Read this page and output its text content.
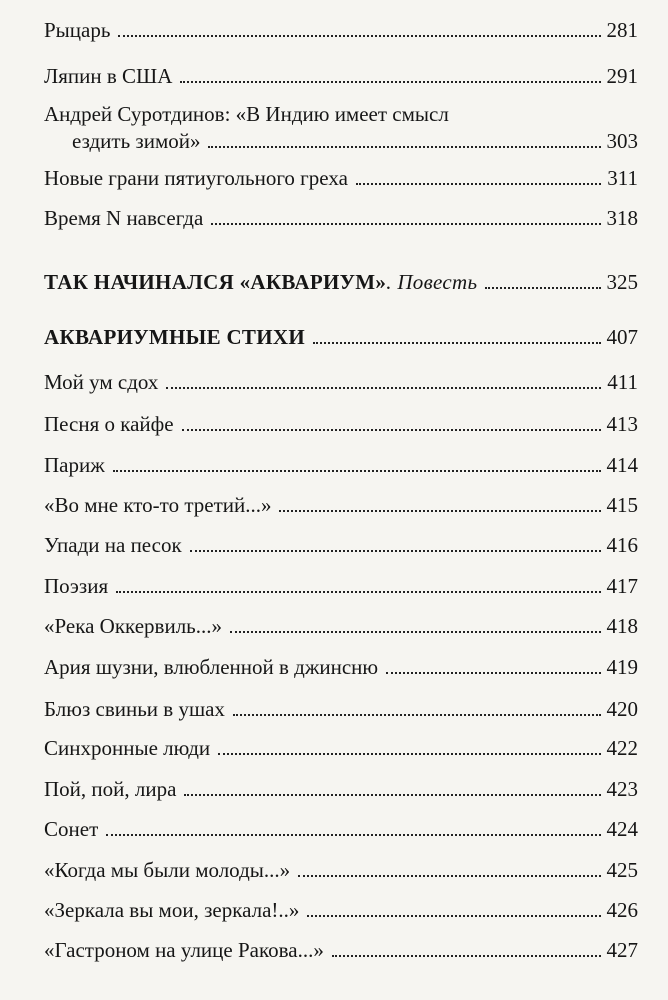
Рыцарь	281
Ляпин в США	291
Андрей Суротдинов: «В Индию имеет смысл
ездить зимой»	303
Новые грани пятиугольного греха	311
Время N навсегда	318
ТАК НАЧИНАЛСЯ «АКВАРИУМ». Повесть	325
АКВАРИУМНЫЕ СТИХИ	407
Мой ум сдох	411
Песня о кайфе	413
Париж	414
«Во мне кто-то третий...»	415
Упади на песок	416
Поэзия	417
«Река Оккервиль...»	418
Ария шузни, влюбленной в джинсню	419
Блюз свиньи в ушах	420
Синхронные люди	422
Пой, пой, лира	423
Сонет	424
«Когда мы были молоды...»	425
«Зеркала вы мои, зеркала!..»	426
«Гастроном на улице Ракова...»	427
